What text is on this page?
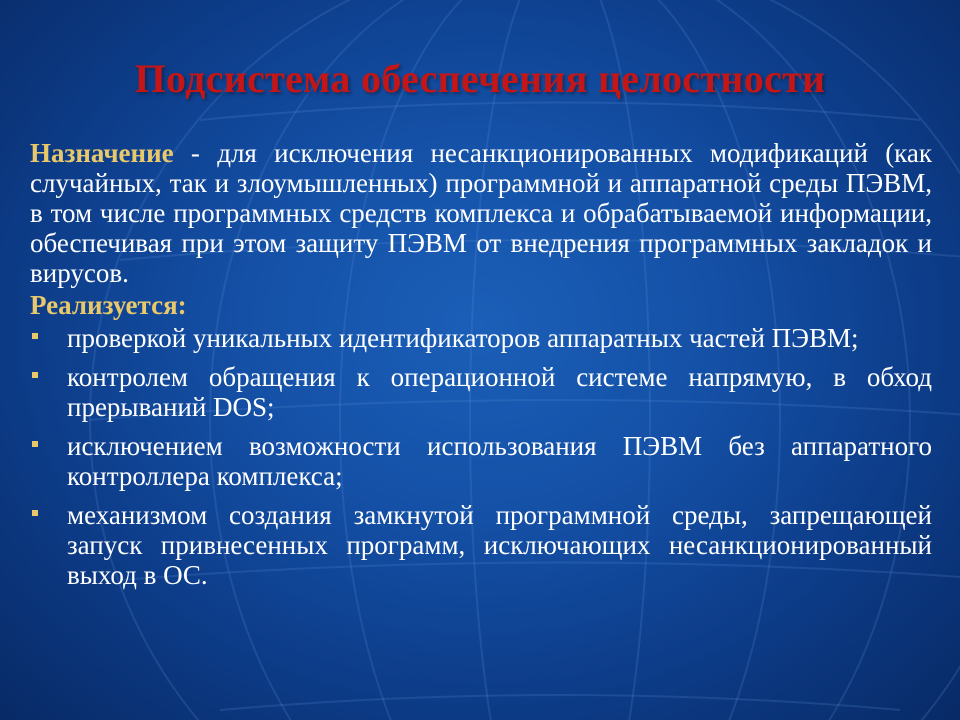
Подсистема обеспечения целостности

Назначение - для исключения несанкционированных модификаций (как случайных, так и злоумышленных) программной и аппаратной среды ПЭВМ, в том числе программных средств комплекса и обрабатываемой информации, обеспечивая при этом защиту ПЭВМ от внедрения программных закладок и вирусов.

Реализуется:
проверкой уникальных идентификаторов аппаратных частей ПЭВМ;
контролем обращения к операционной системе напрямую, в обход прерываний DOS;
исключением возможности использования ПЭВМ без аппаратного контроллера комплекса;
механизмом создания замкнутой программной среды, запрещающей запуск привнесенных программ, исключающих несанкционированный выход в ОС.
